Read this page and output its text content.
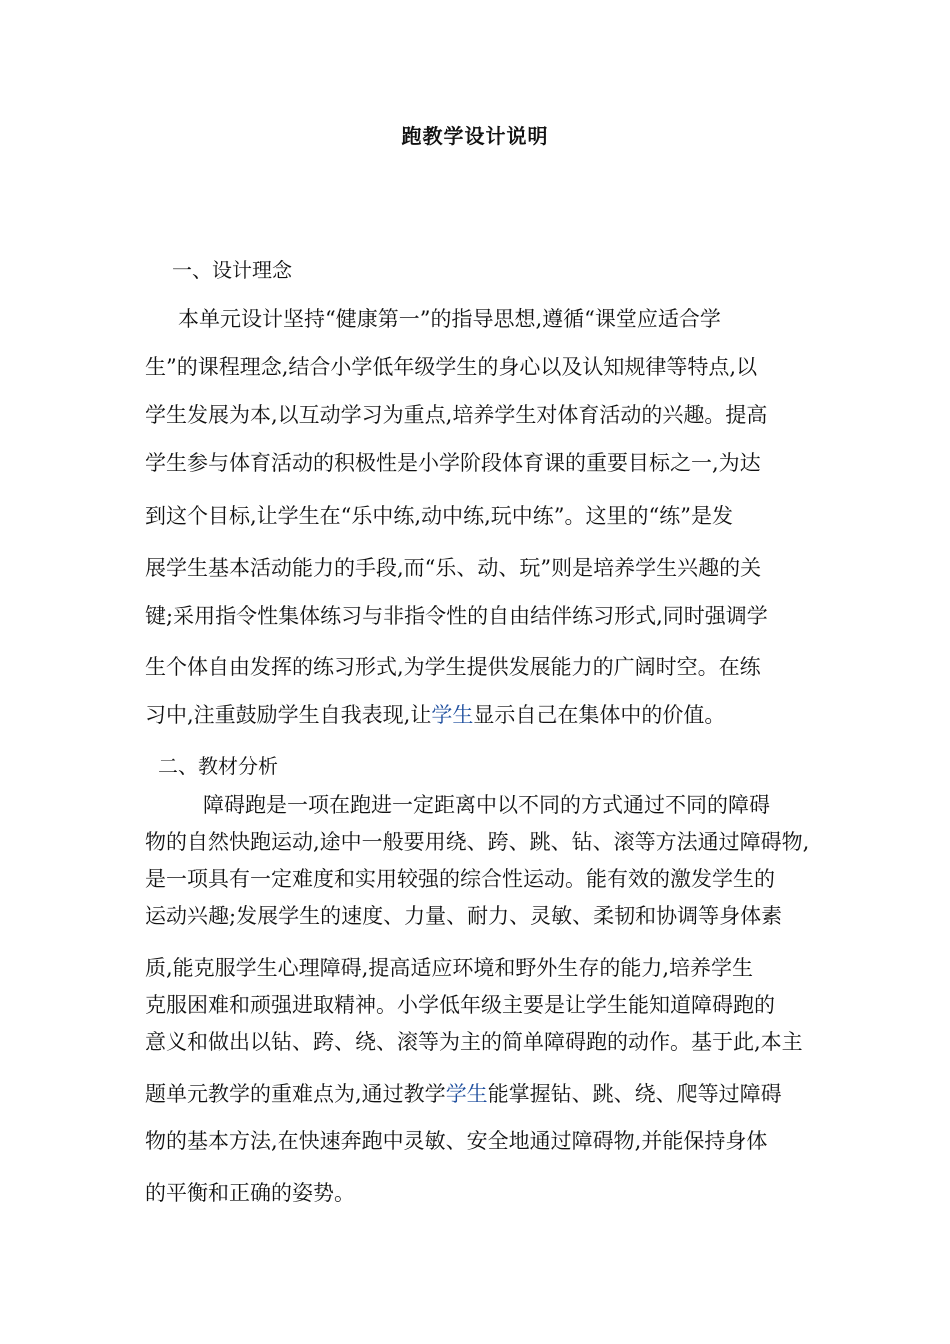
跑教学设计说明
一、设计理念
本单元设计坚持“健康第一”的指导思想,遵循“课堂应适合学
生”的课程理念,结合小学低年级学生的身心以及认知规律等特点,以
学生发展为本,以互动学习为重点,培养学生对体育活动的兴趣。提高
学生参与体育活动的积极性是小学阶段体育课的重要目标之一,为达
到这个目标,让学生在“乐中练,动中练,玩中练”。这里的“练”是发
展学生基本活动能力的手段,而“乐、动、玩”则是培养学生兴趣的关
键;采用指令性集体练习与非指令性的自由结伴练习形式,同时强调学
生个体自由发挥的练习形式,为学生提供发展能力的广阔时空。在练
习中,注重鼓励学生自我表现,让学生显示自己在集体中的价值。
二、教材分析
障碍跑是一项在跑进一定距离中以不同的方式通过不同的障碍
物的自然快跑运动,途中一般要用绕、跨、跳、钻、滚等方法通过障碍物,
是一项具有一定难度和实用较强的综合性运动。能有效的激发学生的
运动兴趣;发展学生的速度、力量、耐力、灵敏、柔韧和协调等身体素
质,能克服学生心理障碍,提高适应环境和野外生存的能力,培养学生
克服困难和顽强进取精神。小学低年级主要是让学生能知道障碍跑的
意义和做出以钻、跨、绕、滚等为主的简单障碍跑的动作。基于此,本主
题单元教学的重难点为,通过教学学生能掌握钻、跳、绕、爬等过障碍
物的基本方法,在快速奔跑中灵敏、安全地通过障碍物,并能保持身体
的平衡和正确的姿势。
